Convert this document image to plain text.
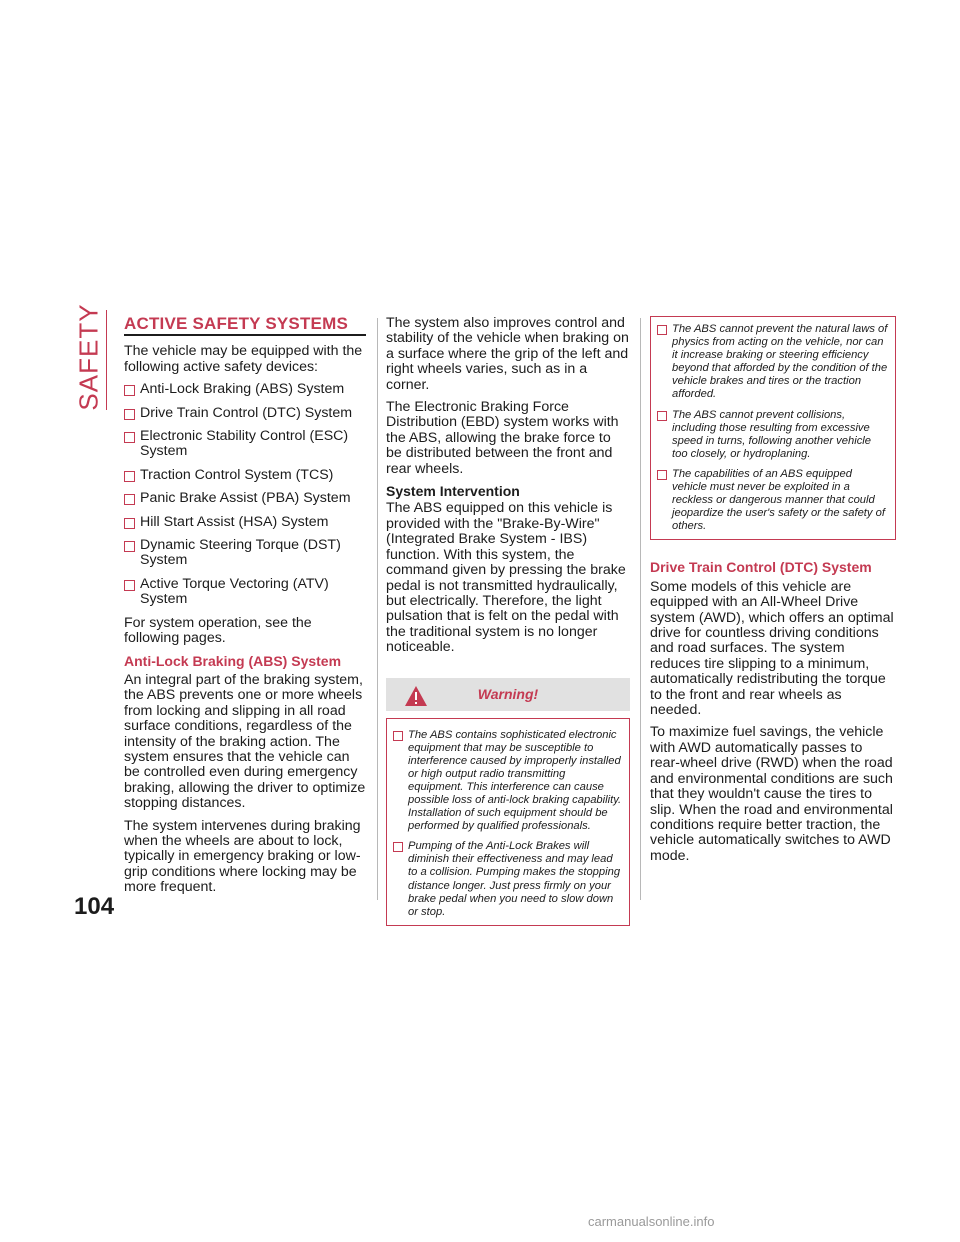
SAFETY ACTIVE SAFETY SYSTEMS

The vehicle may be equipped with the following active safety devices:

Anti-Lock Braking (ABS) System
Drive Train Control (DTC) System
Electronic Stability Control (ESC) System
Traction Control System (TCS)
Panic Brake Assist (PBA) System
Hill Start Assist (HSA) System
Dynamic Steering Torque (DST) System
Active Torque Vectoring (ATV) System

For system operation, see the following pages.

Anti-Lock Braking (ABS) System

An integral part of the braking system, the ABS prevents one or more wheels from locking and slipping in all road surface conditions, regardless of the intensity of the braking action. The system ensures that the vehicle can be controlled even during emergency braking, allowing the driver to optimize stopping distances.

The system intervenes during braking when the wheels are about to lock, typically in emergency braking or low-grip conditions where locking may be more frequent.

The system also improves control and stability of the vehicle when braking on a surface where the grip of the left and right wheels varies, such as in a corner.

The Electronic Braking Force Distribution (EBD) system works with the ABS, allowing the brake force to be distributed between the front and rear wheels.

System Intervention

The ABS equipped on this vehicle is provided with the "Brake-By-Wire" (Integrated Brake System - IBS) function. With this system, the command given by pressing the brake pedal is not transmitted hydraulically, but electrically. Therefore, the light pulsation that is felt on the pedal with the traditional system is no longer noticeable.

Warning!
The ABS contains sophisticated electronic equipment that may be susceptible to interference caused by improperly installed or high output radio transmitting equipment. This interference can cause possible loss of anti-lock braking capability. Installation of such equipment should be performed by qualified professionals.
Pumping of the Anti-Lock Brakes will diminish their effectiveness and may lead to a collision. Pumping makes the stopping distance longer. Just press firmly on your brake pedal when you need to slow down or stop.
The ABS cannot prevent the natural laws of physics from acting on the vehicle, nor can it increase braking or steering efficiency beyond that afforded by the condition of the vehicle brakes and tires or the traction afforded.
The ABS cannot prevent collisions, including those resulting from excessive speed in turns, following another vehicle too closely, or hydroplaning.
The capabilities of an ABS equipped vehicle must never be exploited in a reckless or dangerous manner that could jeopardize the user's safety or the safety of others.
Drive Train Control (DTC) System

Some models of this vehicle are equipped with an All-Wheel Drive system (AWD), which offers an optimal drive for countless driving conditions and road surfaces. The system reduces tire slipping to a minimum, automatically redistributing the torque to the front and rear wheels as needed.

To maximize fuel savings, the vehicle with AWD automatically passes to rear-wheel drive (RWD) when the road and environmental conditions are such that they wouldn't cause the tires to slip. When the road and environmental conditions require better traction, the vehicle automatically switches to AWD mode.

104
carmanualsonline.info
